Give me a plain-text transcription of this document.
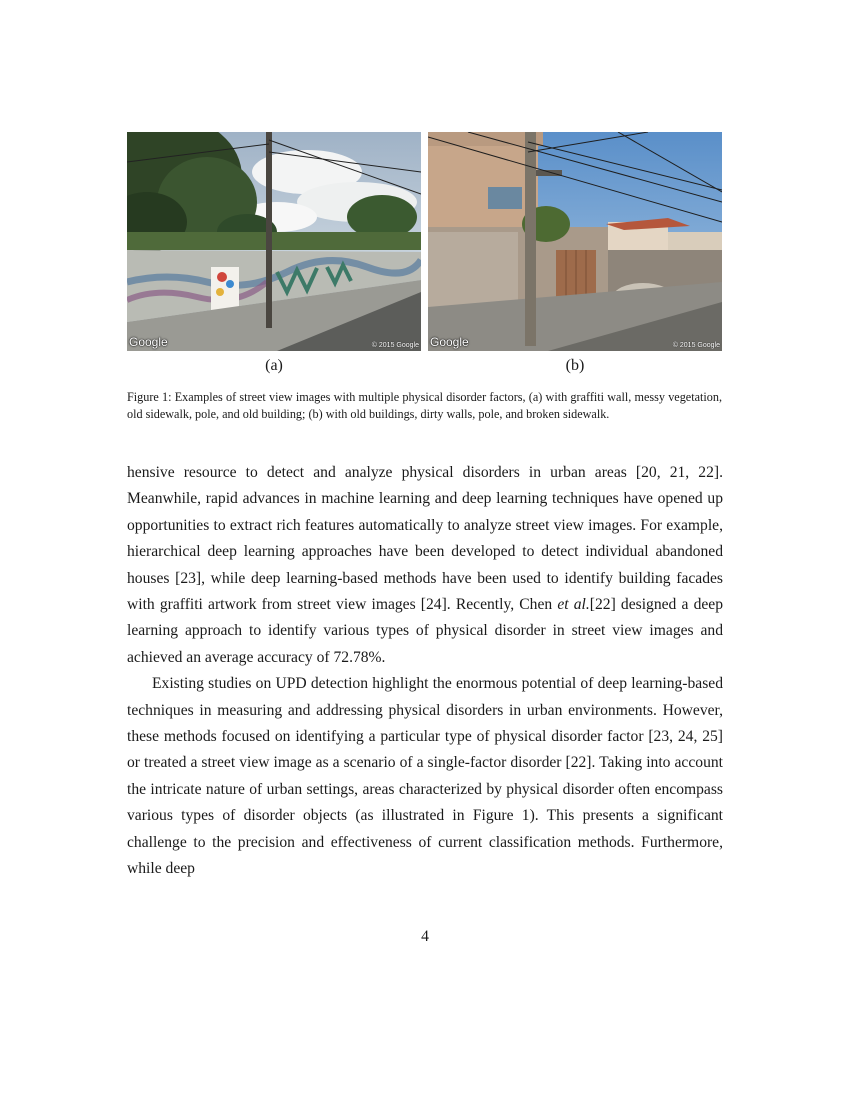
Google	© 2015 Google Google	© 2015 Google
(a)	(b)
Figure 1: Examples of street view images with multiple physical disorder factors, (a) with graffiti wall, messy vegetation, old sidewalk, pole, and old building; (b) with old buildings, dirty walls, pole, and broken sidewalk.

hensive resource to detect and analyze physical disorders in urban areas [20, 21, 22]. Meanwhile, rapid advances in machine learning and deep learning techniques have opened up opportunities to extract rich features automatically to analyze street view images. For example, hierarchical deep learning approaches have been developed to detect individual abandoned houses [23], while deep learning-based methods have been used to identify building facades with graffiti artwork from street view images [24]. Recently, Chen et al.[22] designed a deep learning approach to identify various types of physical disorder in street view images and achieved an average accuracy of 72.78%.

Existing studies on UPD detection highlight the enormous potential of deep learning-based techniques in measuring and addressing physical disorders in urban environments. However, these methods focused on identifying a particular type of physical disorder factor [23, 24, 25] or treated a street view image as a scenario of a single-factor disorder [22]. Taking into account the intricate nature of urban settings, areas characterized by physical disorder often encompass various types of disorder objects (as illustrated in Figure 1). This presents a significant challenge to the precision and effectiveness of current classification methods. Furthermore, while deep

4
